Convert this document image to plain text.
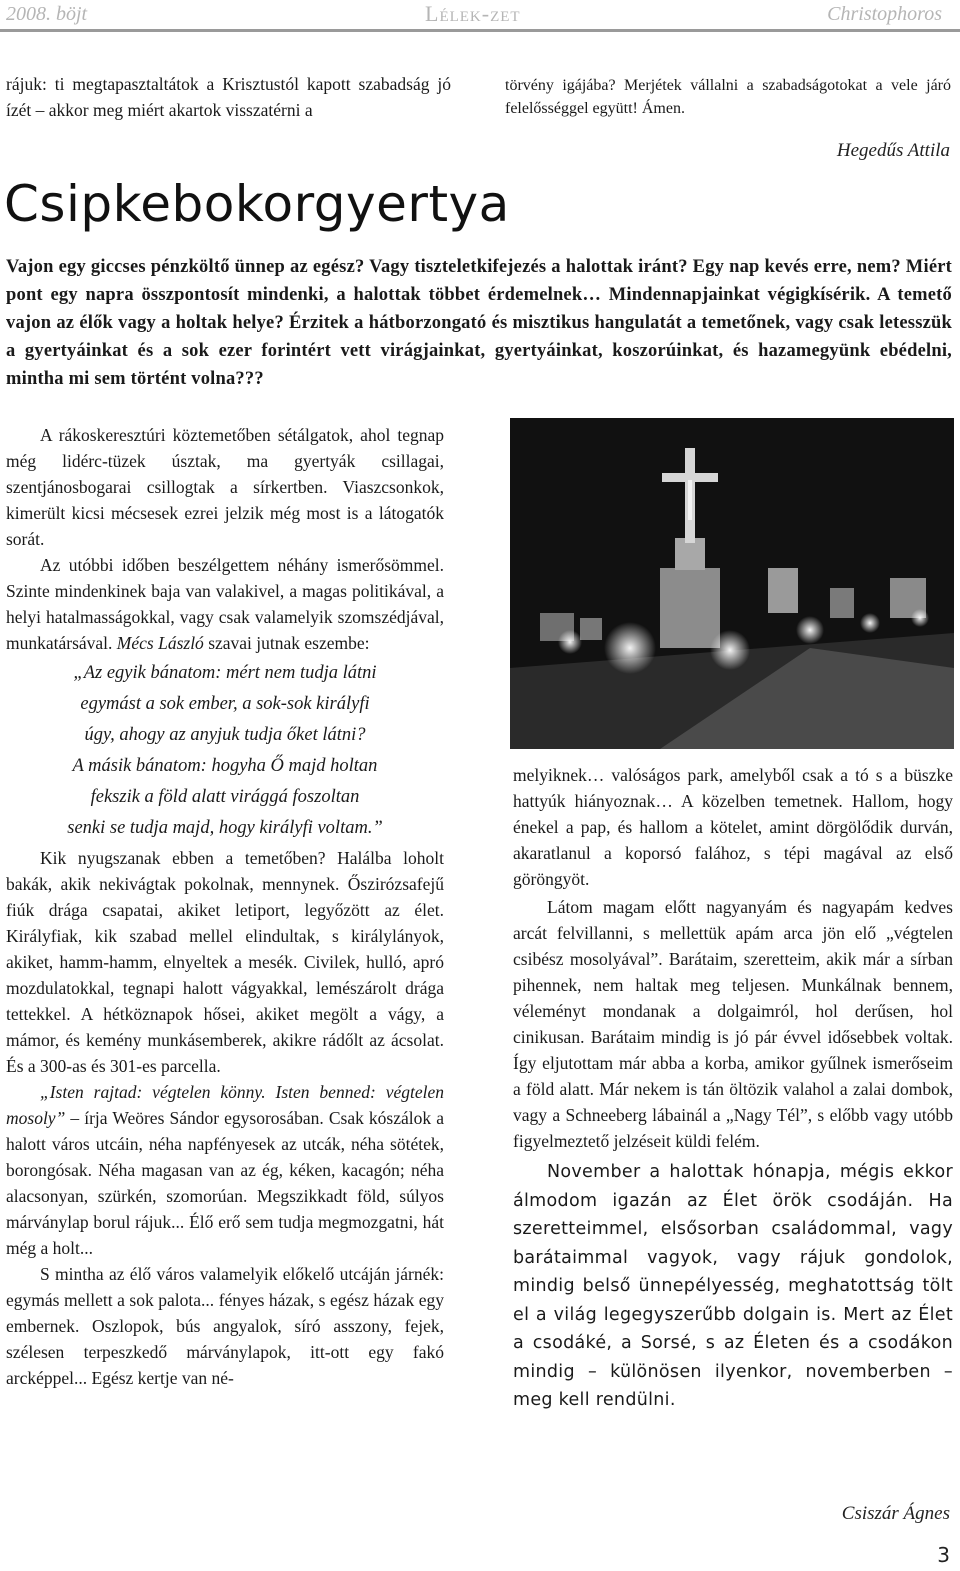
2008. böjt	Lélek-zet	Christophoros

rájuk: ti megtapasztaltátok a Krisztustól kapott szabadság jó ízét – akkor meg miért akartok visszatérni a

törvény igájába? Merjétek vállalni a szabadságotokat a vele járó felelősséggel együtt! Ámen.

Hegedűs Attila
Csipkebokorgyertya
Vajon egy giccses pénzköltő ünnep az egész? Vagy tiszteletkifejezés a halottak iránt? Egy nap kevés erre, nem? Miért pont egy napra összpontosít mindenki, a halottak többet érdemelnek… Mindennapjainkat végigkísérik. A temető vajon az élők vagy a holtak helye? Érzitek a hátborzongató és misztikus hangulatát a temetőnek, vagy csak letesszük a gyertyáinkat és a sok ezer forintért vett virágjainkat, gyertyáinkat, koszorúinkat, és hazamegyünk ebédelni, mintha mi sem történt volna???

A rákoskeresztúri köztemetőben sétálgatok, ahol tegnap még lidérc-tüzek úsztak, ma gyertyák csillagai, szentjánosbogarai csillogtak a sírkertben. Viaszcsonkok, kimerült kicsi mécsesek ezrei jelzik még most is a látogatók sorát.

Az utóbbi időben beszélgettem néhány ismerősömmel. Szinte mindenkinek baja van valakivel, a magas politikával, a helyi hatalmasságokkal, vagy csak valamelyik szomszédjával, munkatársával. Mécs László szavai jutnak eszembe:

„Az egyik bánatom: mért nem tudja látni

egymást a sok ember, a sok-sok királyfi

úgy, ahogy az anyjuk tudja őket látni?

A másik bánatom: hogyha Ő majd holtan

fekszik a föld alatt virággá foszoltan

senki se tudja majd, hogy királyfi voltam.”

Kik nyugszanak ebben a temetőben? Halálba loholt bakák, akik nekivágtak pokolnak, mennynek. Őszirózsafejű fiúk drága csapatai, akiket letiport, legyőzött az élet. Királyfiak, kik szabad mellel elindultak, s királylányok, akiket, hamm-hamm, elnyeltek a mesék. Civilek, hulló, apró mozdulatokkal, tegnapi halott vágyakkal, lemészárolt drága tettekkel. A hétköznapok hősei, akiket megölt a vágy, a mámor, és kemény munkásemberek, akikre rádőlt az ácsolat. És a 300-as és 301-es parcella.

„Isten rajtad: végtelen könny. Isten benned: végtelen mosoly” – írja Weöres Sándor egysorosában. Csak kószálok a halott város utcáin, néha napfényesek az utcák, néha sötétek, borongósak. Néha magasan van az ég, kéken, kacagón; néha alacsonyan, szürkén, szomorúan. Megszikkadt föld, súlyos márványlap borul rájuk... Élő erő sem tudja megmozgatni, hát még a holt...

S mintha az élő város valamelyik előkelő utcáján járnék: egymás mellett a sok palota... fényes házak, s egész házak egy embernek. Oszlopok, bús angyalok, síró asszony, fejek, szélesen terpeszkedő márványlapok, itt-ott egy fakó arcképpel... Egész kertje van né-

melyiknek… valóságos park, amelyből csak a tó s a büszke hattyúk hiányoznak… A közelben temetnek. Hallom, hogy énekel a pap, és hallom a kötelet, amint dörgölődik durván, akaratlanul a koporsó falához, s tépi magával az első göröngyöt.

Látom magam előtt nagyanyám és nagyapám kedves arcát felvillanni, s mellettük apám arca jön elő „végtelen csibész mosolyával”. Barátaim, szeretteim, akik már a sírban pihennek, nem haltak meg teljesen. Munkálnak bennem, véleményt mondanak a dolgaimról, hol derűsen, hol cinikusan. Barátaim mindig is jó pár évvel idősebbek voltak. Így eljutottam már abba a korba, amikor gyűlnek ismerőseim a föld alatt. Már nekem is tán öltözik valahol a zalai dombok, vagy a Schneeberg lábainál a „Nagy Tél”, s előbb vagy utóbb figyelmeztető jelzéseit küldi felém.

November a halottak hónapja, mégis ekkor álmodom igazán az Élet örök csodáján. Ha szeretteimmel, elsősorban családommal, vagy barátaimmal vagyok, vagy rájuk gondolok, mindig belső ünnepélyesség, meghatottság tölt el a világ legegyszerűbb dolgain is. Mert az Élet a csodáké, a Sorsé, s az Életen és a csodákon mindig – különösen ilyenkor, novemberben – meg kell rendülni.

Csiszár Ágnes
3
